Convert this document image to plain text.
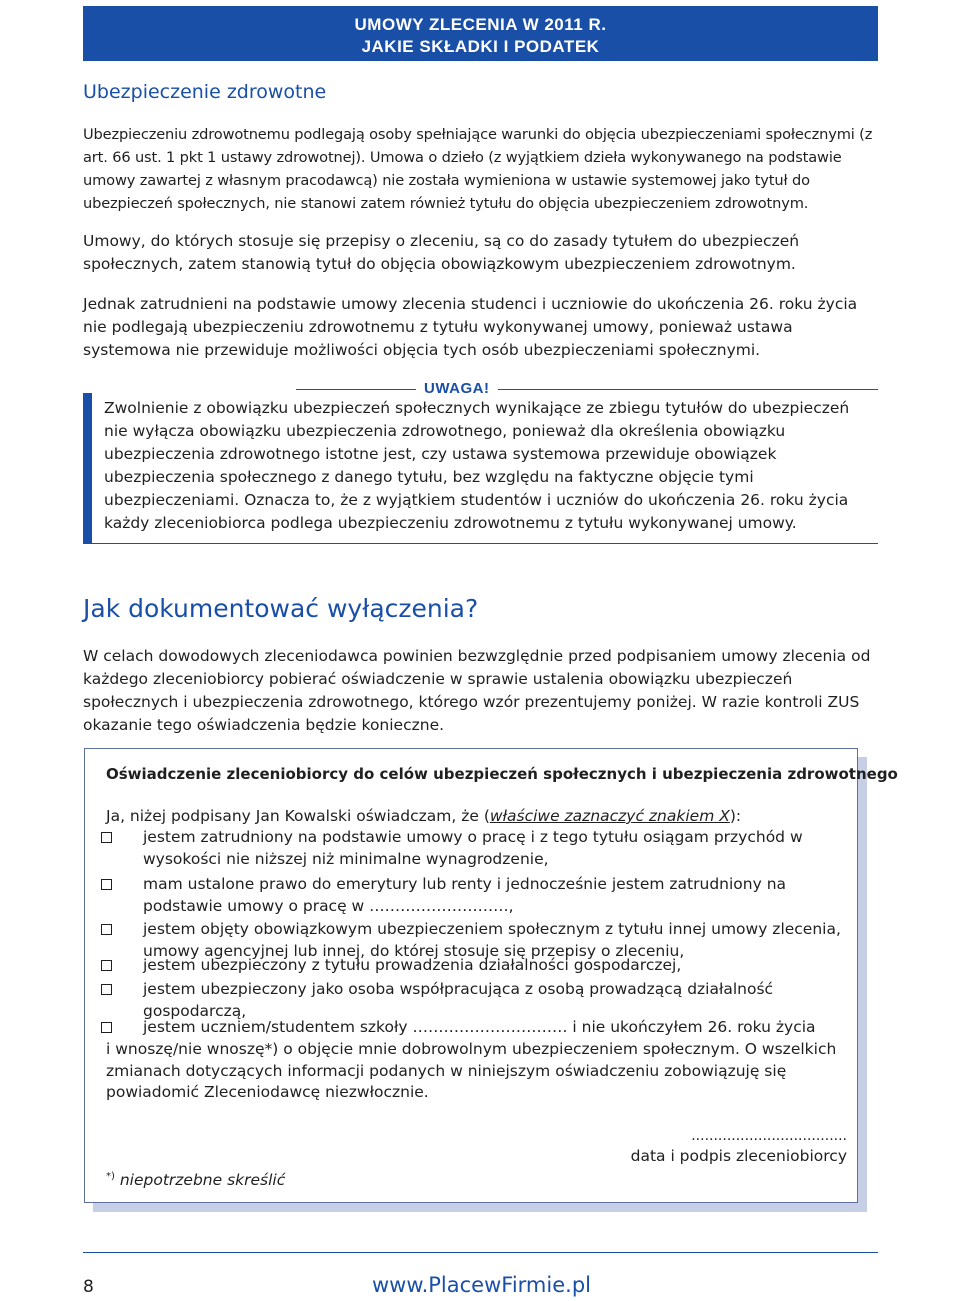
UMOWY ZLECENIA W 2011 R.
JAKIE SKŁADKI I PODATEK
Ubezpieczenie zdrowotne

Ubezpieczeniu zdrowotnemu podlegają osoby spełniające warunki do objęcia ubezpieczeniami społecznymi (z art. 66 ust. 1 pkt 1 ustawy zdrowotnej). Umowa o dzieło (z wyjątkiem dzieła wykonywanego na podstawie umowy zawartej z własnym pracodawcą) nie została wymieniona w ustawie systemowej jako tytuł do ubezpieczeń społecznych, nie stanowi zatem również tytułu do objęcia ubezpieczeniem zdrowotnym.

Umowy, do których stosuje się przepisy o zleceniu, są co do zasady tytułem do ubezpieczeń społecznych, zatem stanowią tytuł do objęcia obowiązkowym ubezpieczeniem zdrowotnym.

Jednak zatrudnieni na podstawie umowy zlecenia studenci i uczniowie do ukończenia 26. roku życia nie podlegają ubezpieczeniu zdrowotnemu z tytułu wykonywanej umowy, ponieważ ustawa systemowa nie przewiduje możliwości objęcia tych osób ubezpieczeniami społecznymi.

UWAGA!

Zwolnienie z obowiązku ubezpieczeń społecznych wynikające ze zbiegu tytułów do ubezpieczeń nie wyłącza obowiązku ubezpieczenia zdrowotnego, ponieważ dla określenia obowiązku ubezpieczenia zdrowotnego istotne jest, czy ustawa systemowa przewiduje obowiązek ubezpieczenia społecznego z danego tytułu, bez względu na faktyczne objęcie tymi ubezpieczeniami. Oznacza to, że z wyjątkiem studentów i uczniów do ukończenia 26. roku życia każdy zleceniobiorca podlega ubezpieczeniu zdrowotnemu z tytułu wykonywanej umowy.

Jak dokumentować wyłączenia?

W celach dowodowych zleceniodawca powinien bezwzględnie przed podpisaniem umowy zlecenia od każdego zleceniobiorcy pobierać oświadczenie w sprawie ustalenia obowiązku ubezpieczeń społecznych i ubezpieczenia zdrowotnego, którego wzór prezentujemy poniżej. W razie kontroli ZUS okazanie tego oświadczenia będzie konieczne.

Oświadczenie zleceniobiorcy do celów ubezpieczeń społecznych i ubezpieczenia zdrowotnego

Ja, niżej podpisany Jan Kowalski oświadczam, że (właściwe zaznaczyć znakiem X):

jestem zatrudniony na podstawie umowy o pracę i z tego tytułu osiągam przychód w wysokości nie niższej niż minimalne wynagrodzenie,
mam ustalone prawo do emerytury lub renty i jednocześnie jestem zatrudniony na podstawie umowy o pracę w ………………………,
jestem objęty obowiązkowym ubezpieczeniem społecznym z tytułu innej umowy zlecenia, umowy agencyjnej lub innej, do której stosuje się przepisy o zleceniu,
jestem ubezpieczony z tytułu prowadzenia działalności gospodarczej,
jestem ubezpieczony jako osoba współpracująca z osobą prowadzącą działalność gospodarczą,
jestem uczniem/studentem szkoły ………………………… i nie ukończyłem 26. roku życia

i wnoszę/nie wnoszę*) o objęcie mnie dobrowolnym ubezpieczeniem społecznym. O wszelkich zmianach dotyczących informacji podanych w niniejszym oświadczeniu zobowiązuję się powiadomić Zleceniodawcę niezwłocznie.

...................................
data i podpis zleceniobiorcy
*) niepotrzebne skreślić
8	www.PlacewFirmie.pl
